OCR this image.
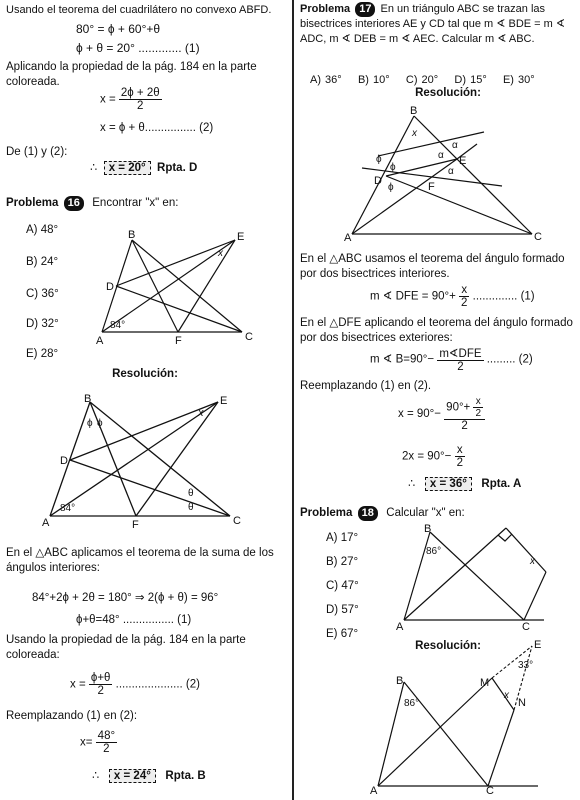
Usando el teorema del cuadrilátero no convexo ABFD.
80° = ϕ + 60°+θ
ϕ + θ = 20° ............. (1)
Aplicando la propiedad de la pág. 184 en la parte coloreada.
$x = \frac{2\phi + 2\theta}{2}$
x = ϕ + θ................ (2)
De (1) y (2):
∴ x = 20° Rpta. D
Problema 16 Encontrar "x" en:
A) 48°
B) 24°
C) 36°
D) 32°
E) 28°
A
B
C
D
E
F
x
84°
Resolución:
A
B
C
D
E
F
x
84°
ϕ ϕ
θ
θ
En el △ABC aplicamos el teorema de la suma de los ángulos interiores:
84°+2ϕ + 2θ = 180° ⇒ 2(ϕ + θ) = 96°
ϕ+θ=48° ................ (1)
Usando la propiedad de la pág. 184 en la parte coloreada:
$x = \frac{\phi+\theta}{2}$ ..................... (2)
Reemplazando (1) en (2):
$x= \frac{48^\circ}{2}$
∴ x = 24° Rpta. B
Problema 17 En un triángulo ABC se trazan las bisectrices interiores AE y CD tal que m ∢ BDE = m ∢ ADC, m ∢ DEB = m ∢ AEC. Calcular m ∢ ABC.
A) 36° B) 10° C) 20° D) 15° E) 30°
Resolución:
A
B
C
D
E
F
x
ϕ
ϕ
ϕ
α
α
α
En el △ABC usamos el teorema del ángulo formado por dos bisectrices interiores.
m ∢ DFE = $90^\circ+ \frac{x}{2}$ .............. (1)
En el △DFE aplicando el teorema del ángulo formado por dos bisectrices exteriores:
m ∢ $B=90^\circ- \frac{\text{m∢DFE}}{2}$ ......... (2)
Reemplazando (1) en (2).
$x = 90^\circ- \frac{90^\circ+ \frac{x}{2}}{2}$
$2x = 90^\circ- \frac{x}{2}$
∴ x = 36° Rpta. A
Problema 18 Calcular "x" en:
A) 17°
B) 27°
C) 47°
D) 57°
E) 67°
A
B
C
x
86°
Resolución:
A
B
C
E
M
N
x
86°
33°
